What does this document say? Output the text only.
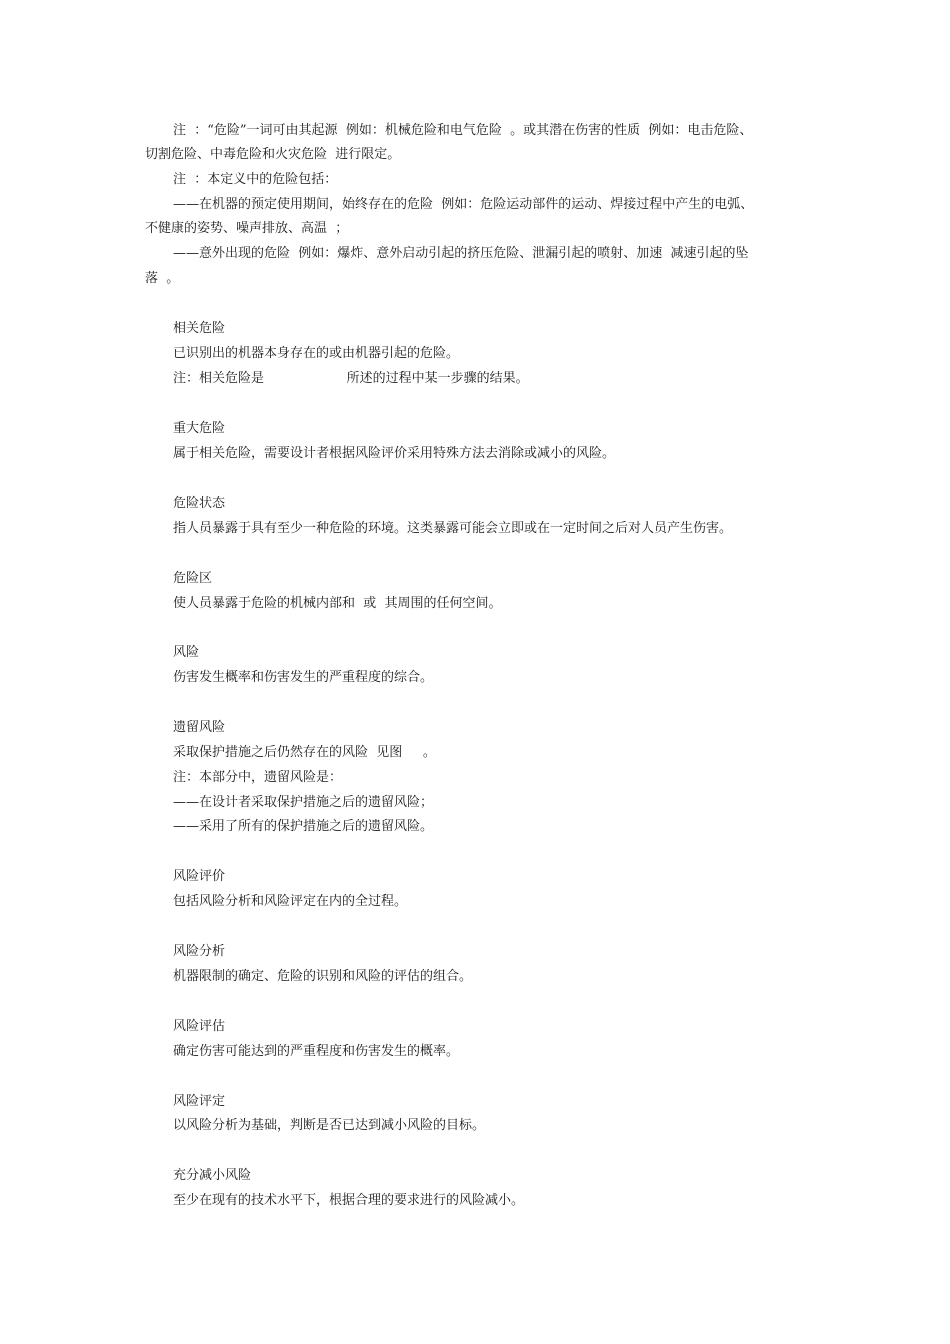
注  ：“危险”一词可由其起源  例如：机械危险和电气危险  。或其潜在伤害的性质  例如：电击危险、
切割危险、中毒危险和火灾危险  进行限定。
注  ：本定义中的危险包括：
——在机器的预定使用期间，始终存在的危险  例如：危险运动部件的运动、焊接过程中产生的电弧、
不健康的姿势、噪声排放、高温  ；
——意外出现的危险  例如：爆炸、意外启动引起的挤压危险、泄漏引起的喷射、加速  减速引起的坠
落  。
相关危险
已识别出的机器本身存在的或由机器引起的危险。
注：相关危险是                    所述的过程中某一步骤的结果。
重大危险
属于相关危险，需要设计者根据风险评价采用特殊方法去消除或减小的风险。
危险状态
指人员暴露于具有至少一种危险的环境。这类暴露可能会立即或在一定时间之后对人员产生伤害。
危险区
使人员暴露于危险的机械内部和  或  其周围的任何空间。
风险
伤害发生概率和伤害发生的严重程度的综合。
遗留风险
采取保护措施之后仍然存在的风险  见图     。
注：本部分中，遗留风险是：
——在设计者采取保护措施之后的遗留风险；
——采用了所有的保护措施之后的遗留风险。
风险评价
包括风险分析和风险评定在内的全过程。
风险分析
机器限制的确定、危险的识别和风险的评估的组合。
风险评估
确定伤害可能达到的严重程度和伤害发生的概率。
风险评定
以风险分析为基础，判断是否已达到减小风险的目标。
充分减小风险
至少在现有的技术水平下，根据合理的要求进行的风险减小。
